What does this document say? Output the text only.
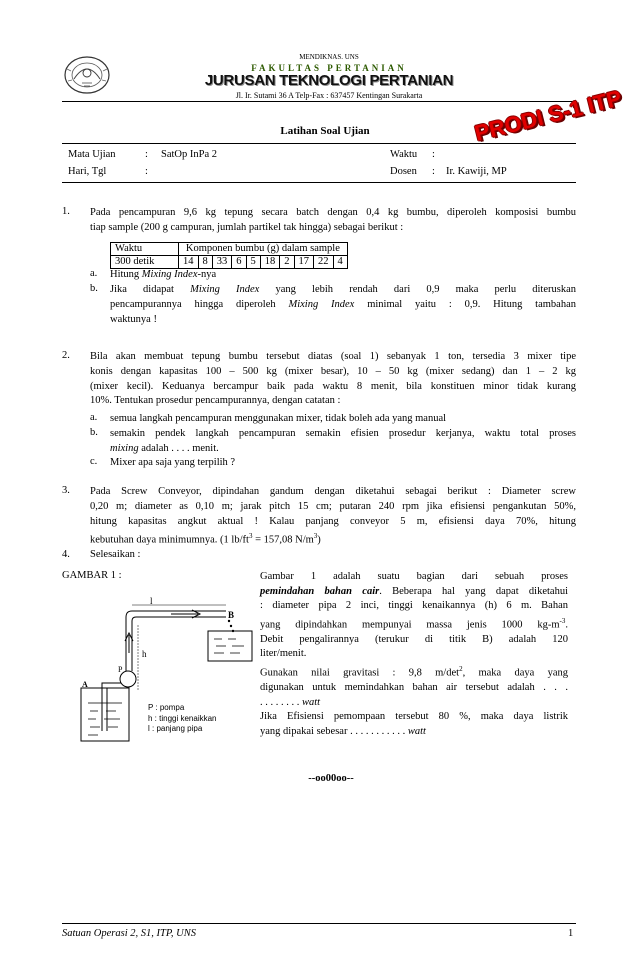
MENDIKNAS. UNS
FAKULTAS PERTANIAN
JURUSAN TEKNOLOGI PERTANIAN
Jl. Ir. Sutami 36 A Telp-Fax : 637457 Kentingan Surakarta	PRODI S-1 ITP
Latihan Soal Ujian
Mata Ujian	: SatOp InPa 2
Hari, Tgl	:
Waktu :
Dosen : Ir. Kawiji, MP
1. Pada pencampuran 9,6 kg tepung secara batch dengan 0,4 kg bumbu, diperoleh komposisi bumbu
tiap sample (200 g campuran, jumlah partikel tak hingga) sebagai berikut :
Waktu	Komponen bumbu (g) dalam sample									
300 detik	14	8	33	6	5	18	2	17	22	4
a. Hitung Mixing Index-nya
b. Jika didapat Mixing Index yang lebih rendah dari 0,9 maka perlu diteruskan
pencampurannya hingga diperoleh Mixing Index minimal yaitu : 0,9. Hitung tambahan
waktunya !
2. Bila akan membuat tepung bumbu tersebut diatas (soal 1) sebanyak 1 ton, tersedia 3 mixer tipe
konis dengan kapasitas 100 – 500 kg (mixer besar), 10 – 50 kg (mixer sedang) dan 1 – 2 kg
(mixer kecil). Keduanya bercampur baik pada waktu 8 menit, bila konstituen minor tidak kurang
10%. Tentukan prosedur pencampurannya, dengan catatan :
a. semua langkah pencampuran menggunakan mixer, tidak boleh ada yang manual
b. semakin pendek langkah pencampuran semakin efisien prosedur kerjanya, waktu total proses
mixing adalah . . . . menit.
c. Mixer apa saja yang terpilih ?
3. Pada Screw Conveyor, dipindahan gandum dengan diketahui sebagai berikut : Diameter screw
0,20 m; diameter as 0,10 m; jarak pitch 15 cm; putaran 240 rpm jika efisiensi pengankutan 50%,
hitung kapasitas angkut aktual ! Kalau panjang conveyor 5 m, efisiensi daya 70%, hitung
kebutuhan daya minimumnya. (1 $lb/ft^3 = 157,08$ $N/m^3$)
4. Selesaikan :
GAMBAR 1 :
l
B
h
P
A
P : pompa
h : tinggi kenaikkan
l : panjang pipa
Gambar 1 adalah suatu bagian dari sebuah proses
pemindahan bahan cair. Beberapa hal yang dapat diketahui
: diameter pipa 2 inci, tinggi kenaikannya (h) 6 m. Bahan
yang dipindahkan mempunyai massa jenis 1000 $kg-m^{-3}$.
Debit pengalirannya (terukur di titik B) adalah 120
liter/menit.
Gunakan nilai gravitasi : 9,8 $m/\det^2$, maka daya yang
digunakan untuk memindahkan bahan air tersebut adalah . . .
. . . . . . . . watt
Jika Efisiensi pemompaan tersebut 80 %, maka daya listrik
yang dipakai sebesar . . . . . . . . . . . watt
--oo00oo--
Satuan Operasi 2, S1, ITP, UNS	1
